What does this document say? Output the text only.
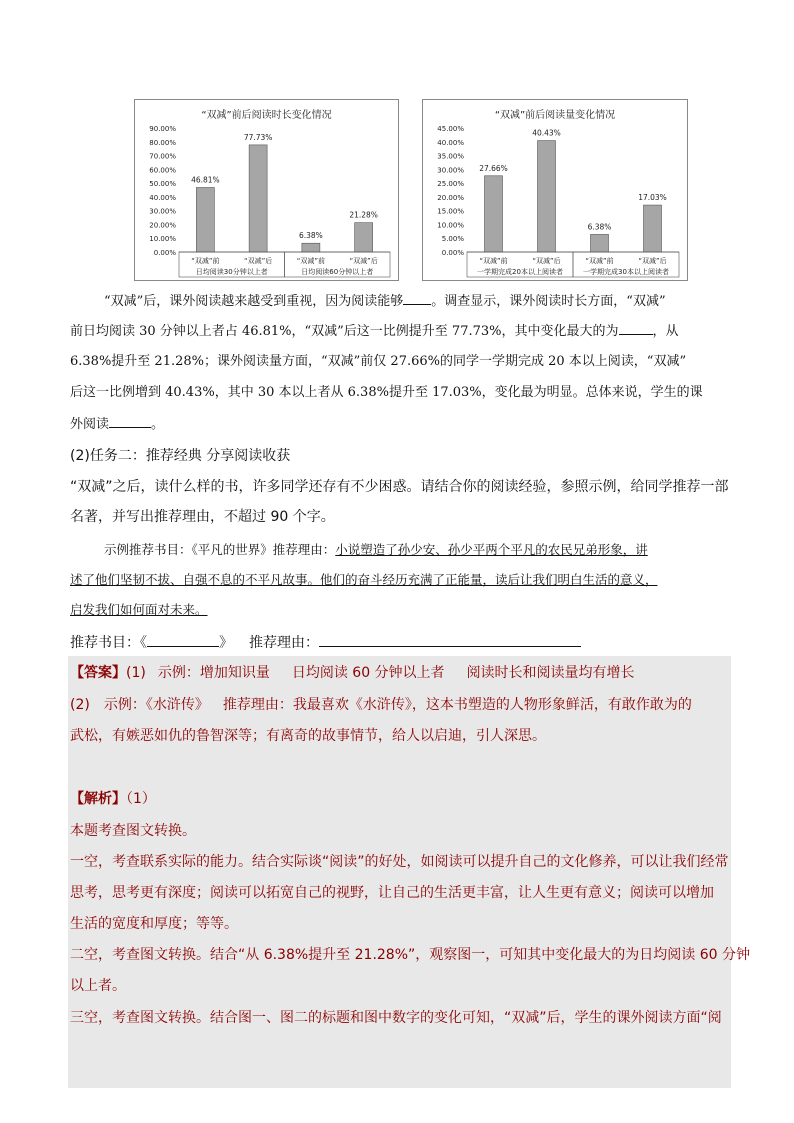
“双减”前后阅读时长变化情况
90.00%
80.00%
70.00%
60.00%
50.00%
40.00%
30.00%
20.00%
10.00%
0.00%
46.81%
“双减”前
77.73%
“双减”后
6.38%
“双减”前
21.28%
“双减”后
日均阅读30分钟以上者	日均阅读60分钟以上者
“双减”前后阅读量变化情况
45.00%
40.00%
35.00%
30.00%
25.00%
20.00%
15.00%
10.00%
5.00%
0.00%
27.66%
“双减”前
40.43%
“双减”后
6.38%
“双减”前
17.03%
“双减”后
一学期完成20本以上阅读者	一学期完成30本以上阅读者
“双减”后，课外阅读越来越受到重视，因为阅读能够 。调查显示，课外阅读时长方面，“双减”
前日均阅读 30 分钟以上者占 46.81%，“双减”后这一比例提升至 77.73%，其中变化最大的为	，从
6.38%提升至 21.28%；课外阅读量方面，“双减”前仅 27.66%的同学一学期完成 20 本以上阅读，“双减”
后这一比例增到 40.43%，其中 30 本以上者从 6.38%提升至 17.03%，变化最为明显。总体来说，学生的课
外阅读	。
(2)任务二：推荐经典 分享阅读收获
“双减”之后，读什么样的书，许多同学还存有不少困惑。请结合你的阅读经验，参照示例，给同学推荐一部
名著，并写出推荐理由，不超过 90 个字。
示例推荐书目：《平凡的世界》推荐理由：小说塑造了孙少安、孙少平两个平凡的农民兄弟形象，讲
述了他们坚韧不拔、自强不息的不平凡故事。他们的奋斗经历充满了正能量，读后让我们明白生活的意义，
启发我们如何面对未来。
推荐书目：《	》 推荐理由：
【答案】(1) 示例：增加知识量 日均阅读 60 分钟以上者 阅读时长和阅读量均有增长
(2) 示例：《水浒传》 推荐理由：我最喜欢《水浒传》，这本书塑造的人物形象鲜活，有敢作敢为的
武松，有嫉恶如仇的鲁智深等；有离奇的故事情节，给人以启迪，引人深思。
【解析】（1）
本题考查图文转换。
一空，考查联系实际的能力。结合实际谈“阅读”的好处，如阅读可以提升自己的文化修养，可以让我们经常
思考，思考更有深度；阅读可以拓宽自己的视野，让自己的生活更丰富，让人生更有意义；阅读可以增加
生活的宽度和厚度；等等。
二空，考查图文转换。结合“从 6.38%提升至 21.28%”，观察图一，可知其中变化最大的为日均阅读 60 分钟
以上者。
三空，考查图文转换。结合图一、图二的标题和图中数字的变化可知，“双减”后，学生的课外阅读方面“阅
